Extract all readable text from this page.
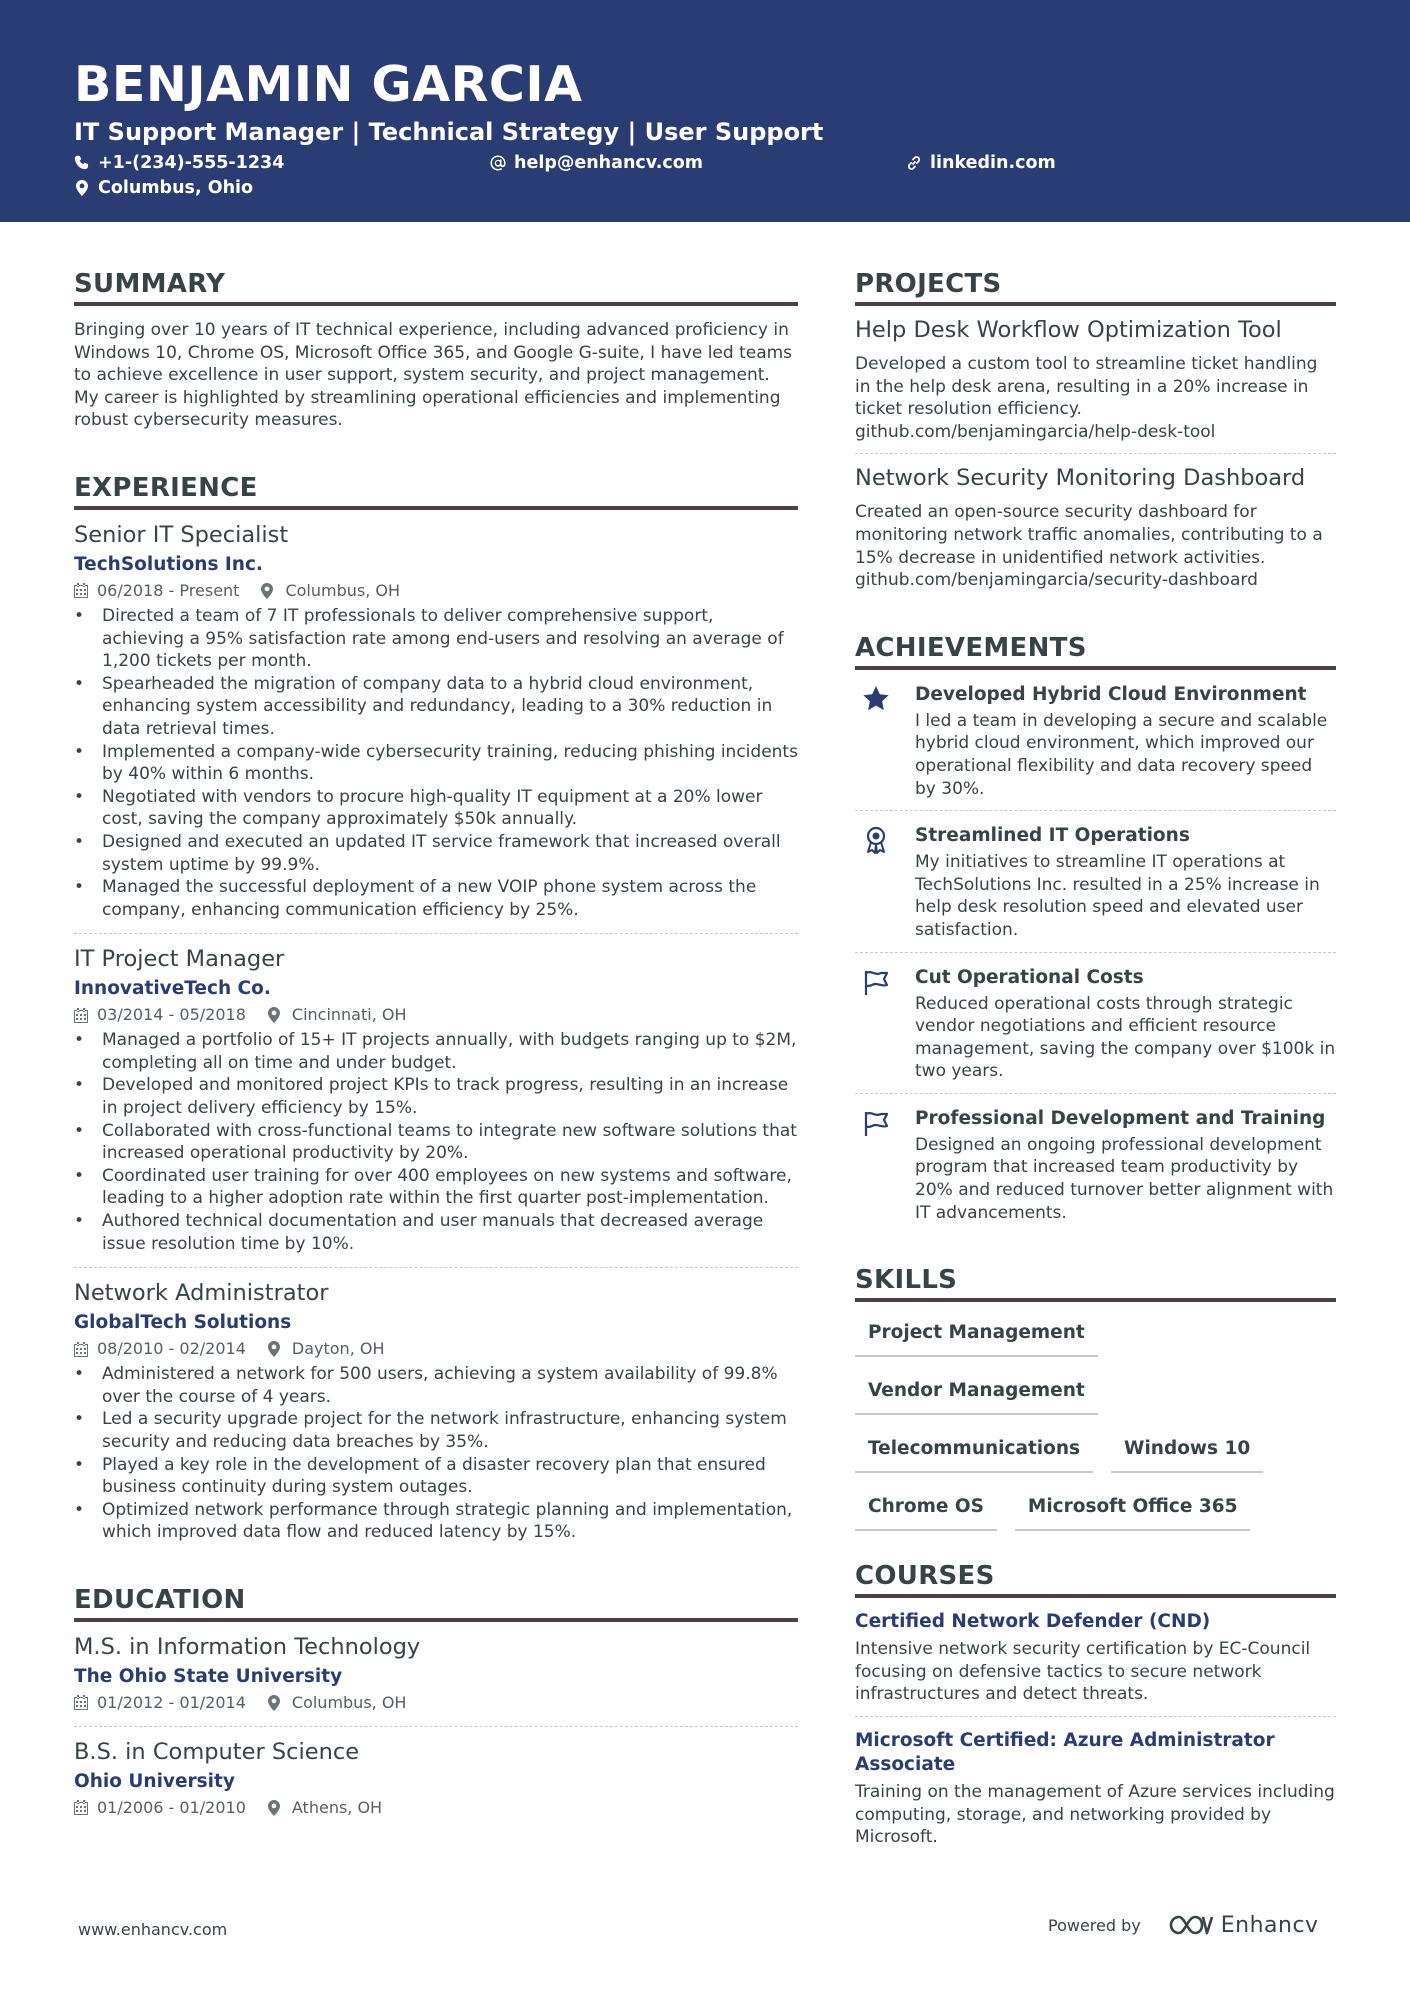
BENJAMIN GARCIA
IT Support Manager | Technical Strategy | User Support
+1-(234)-555-1234	help@enhancv.com	linkedin.com
Columbus, Ohio
SUMMARY

Bringing over 10 years of IT technical experience, including advanced proficiency in Windows 10, Chrome OS, Microsoft Office 365, and Google G-suite, I have led teams to achieve excellence in user support, system security, and project management. My career is highlighted by streamlining operational efficiencies and implementing robust cybersecurity measures.

EXPERIENCE
Senior IT Specialist
TechSolutions Inc.
06/2018 - Present	Columbus, OH
• Directed a team of 7 IT professionals to deliver comprehensive support, achieving a 95% satisfaction rate among end-users and resolving an average of 1,200 tickets per month.
• Spearheaded the migration of company data to a hybrid cloud environment, enhancing system accessibility and redundancy, leading to a 30% reduction in data retrieval times.
• Implemented a company-wide cybersecurity training, reducing phishing incidents by 40% within 6 months.
• Negotiated with vendors to procure high-quality IT equipment at a 20% lower cost, saving the company approximately $50k annually.
• Designed and executed an updated IT service framework that increased overall system uptime by 99.9%.
• Managed the successful deployment of a new VOIP phone system across the company, enhancing communication efficiency by 25%.
IT Project Manager
InnovativeTech Co.
03/2014 - 05/2018	Cincinnati, OH
• Managed a portfolio of 15+ IT projects annually, with budgets ranging up to $2M, completing all on time and under budget.
• Developed and monitored project KPIs to track progress, resulting in an increase in project delivery efficiency by 15%.
• Collaborated with cross-functional teams to integrate new software solutions that increased operational productivity by 20%.
• Coordinated user training for over 400 employees on new systems and software, leading to a higher adoption rate within the first quarter post-implementation.
• Authored technical documentation and user manuals that decreased average issue resolution time by 10%.
Network Administrator
GlobalTech Solutions
08/2010 - 02/2014	Dayton, OH
• Administered a network for 500 users, achieving a system availability of 99.8% over the course of 4 years.
• Led a security upgrade project for the network infrastructure, enhancing system security and reducing data breaches by 35%.
• Played a key role in the development of a disaster recovery plan that ensured business continuity during system outages.
• Optimized network performance through strategic planning and implementation, which improved data flow and reduced latency by 15%.
EDUCATION
M.S. in Information Technology
The Ohio State University
01/2012 - 01/2014	Columbus, OH
B.S. in Computer Science
Ohio University
01/2006 - 01/2010	Athens, OH
PROJECTS
Help Desk Workflow Optimization Tool

Developed a custom tool to streamline ticket handling in the help desk arena, resulting in a 20% increase in ticket resolution efficiency. github.com/benjamingarcia/help-desk-tool

Network Security Monitoring Dashboard

Created an open-source security dashboard for monitoring network traffic anomalies, contributing to a 15% decrease in unidentified network activities. github.com/benjamingarcia/security-dashboard

ACHIEVEMENTS
Developed Hybrid Cloud Environment

I led a team in developing a secure and scalable hybrid cloud environment, which improved our operational flexibility and data recovery speed by 30%.

Streamlined IT Operations

My initiatives to streamline IT operations at TechSolutions Inc. resulted in a 25% increase in help desk resolution speed and elevated user satisfaction.

Cut Operational Costs

Reduced operational costs through strategic vendor negotiations and efficient resource management, saving the company over $100k in two years.

Professional Development and Training

Designed an ongoing professional development program that increased team productivity by 20% and reduced turnover better alignment with IT advancements.

SKILLS
Project Management
Vendor Management
Telecommunications	Windows 10
Chrome OS	Microsoft Office 365
COURSES
Certified Network Defender (CND)

Intensive network security certification by EC-Council focusing on defensive tactics to secure network infrastructures and detect threats.

Microsoft Certified: Azure Administrator Associate

Training on the management of Azure services including computing, storage, and networking provided by Microsoft.

www.enhancv.com	Powered by	Enhancv
